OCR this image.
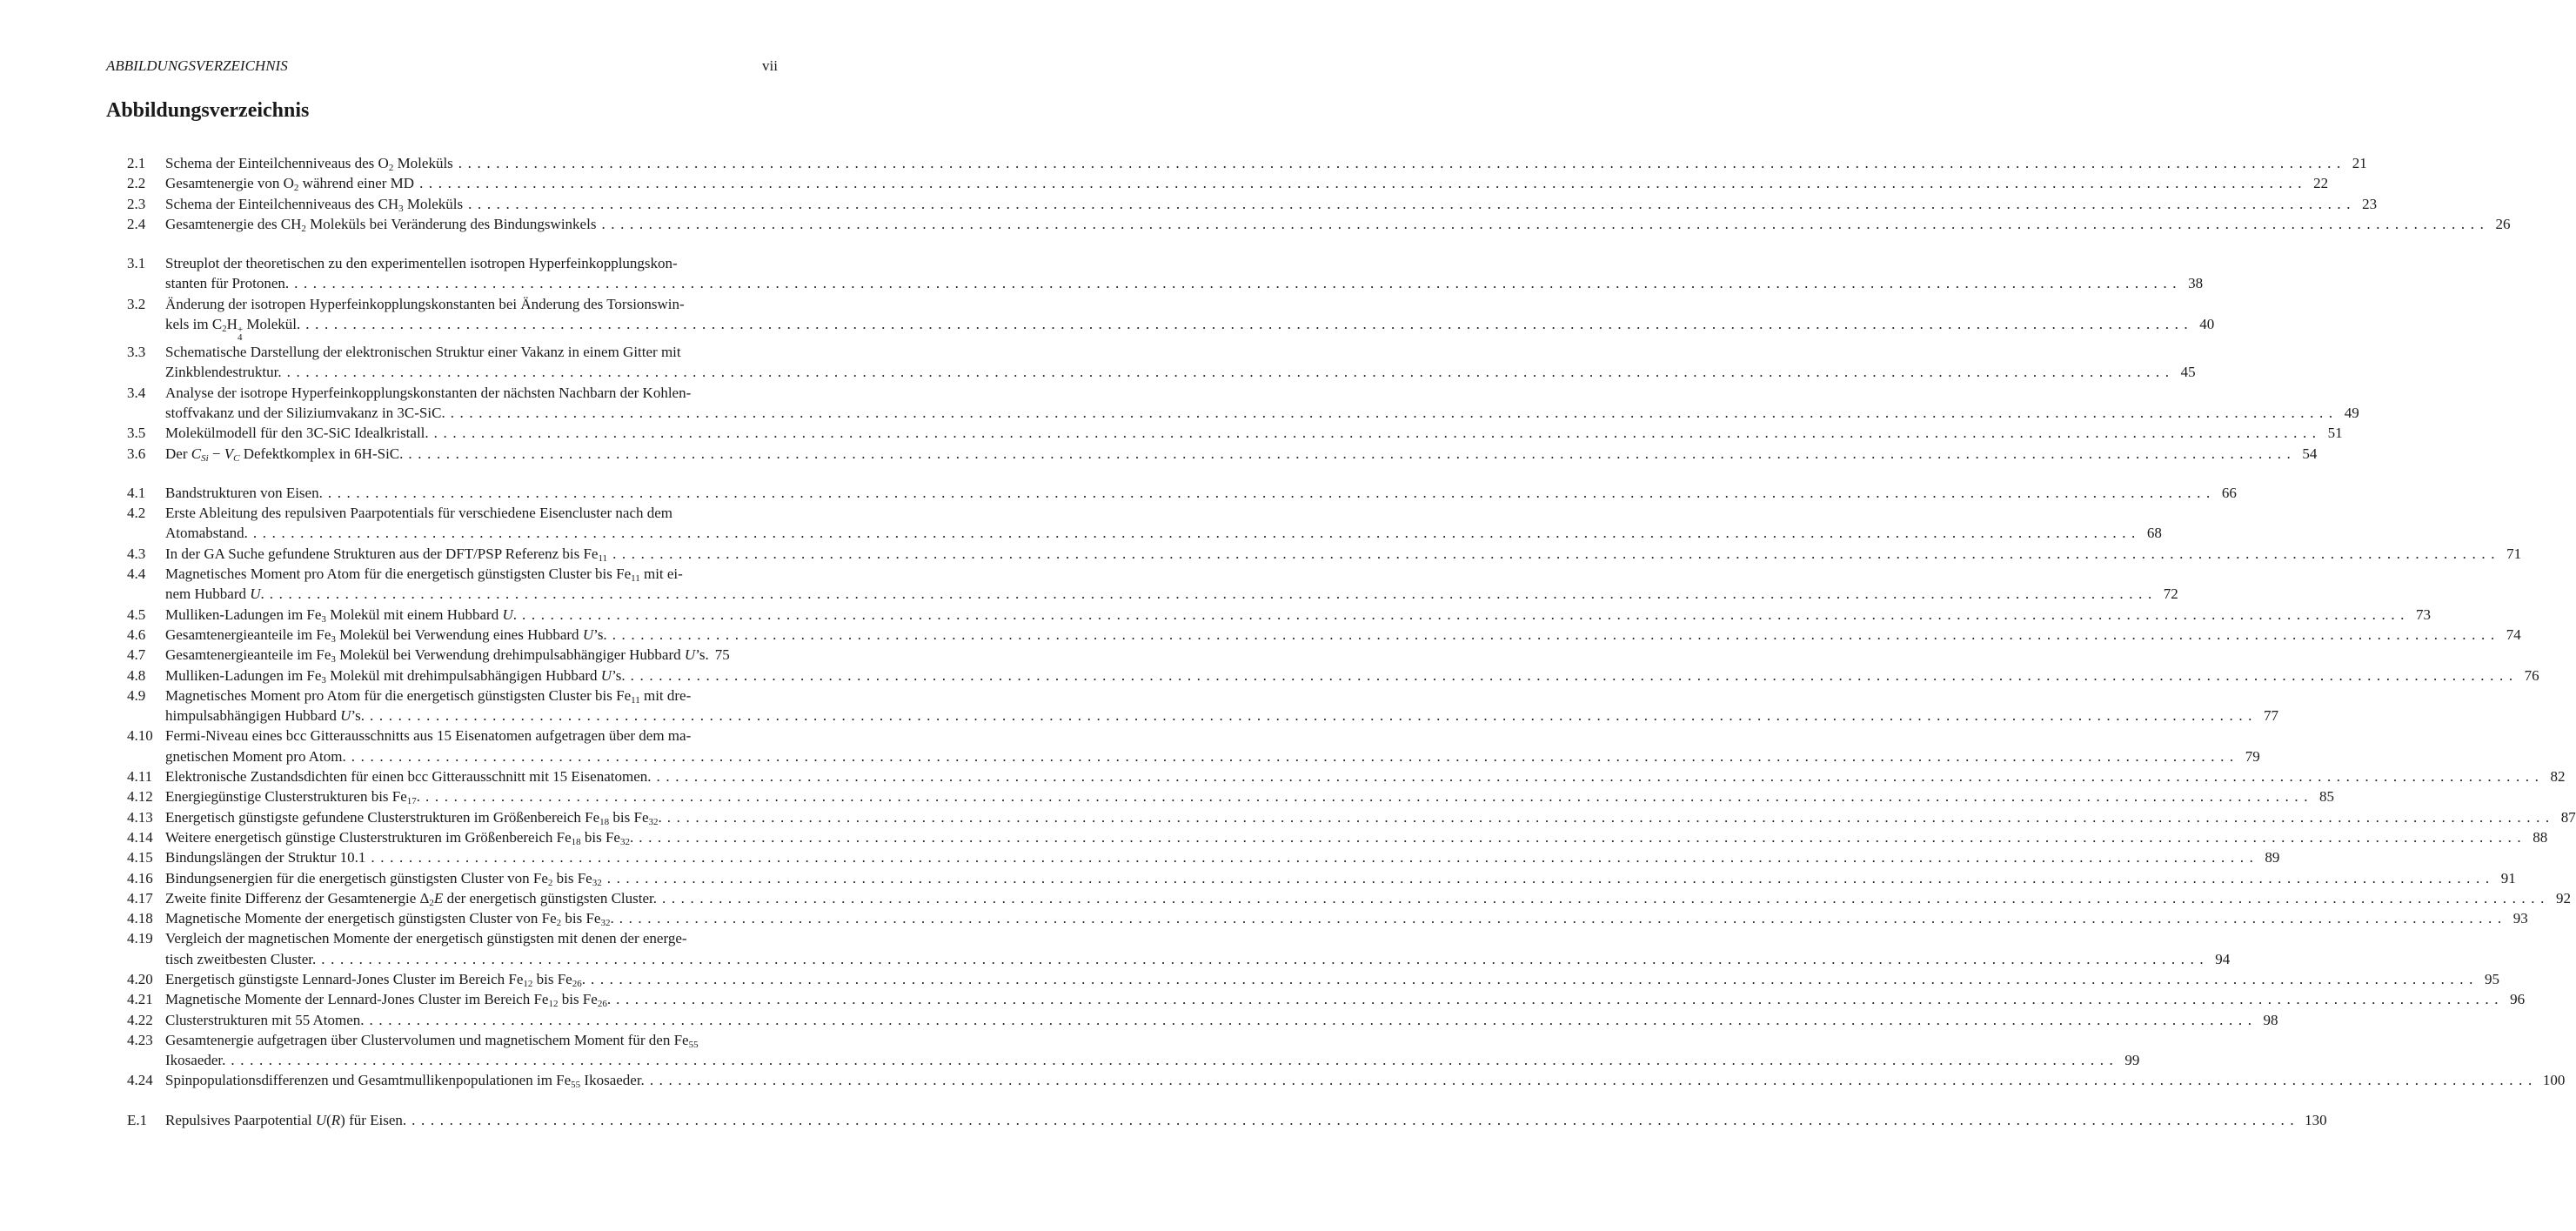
ABBILDUNGSVERZEICHNIS	vii
Abbildungsverzeichnis
2.1	Schema der Einteilchenniveaus des $O_2$ Moleküls ........................................................................................................................................................................................................ 21
2.2	Gesamtenergie von $O_2$ während einer MD ........................................................................................................................................................................................................ 22
2.3	Schema der Einteilchenniveaus des $CH_3$ Moleküls ........................................................................................................................................................................................................ 23
2.4	Gesamtenergie des $CH_2$ Moleküls bei Veränderung des Bindungswinkels ........................................................................................................................................................................................................ 26
3.1	Streuplot der theoretischen zu den experimentellen isotropen Hyperfeinkopplungskon-
stanten für Protonen. ........................................................................................................................................................................................................ 38
3.2	Änderung der isotropen Hyperfeinkopplungskonstanten bei Änderung des Torsionswin-
kels im $C_2H$ +
4
Molekül. ........................................................................................................................................................................................................ 40
3.3	Schematische Darstellung der elektronischen Struktur einer Vakanz in einem Gitter mit
Zinkblendestruktur. ........................................................................................................................................................................................................ 45
3.4	Analyse der isotrope Hyperfeinkopplungskonstanten der nächsten Nachbarn der Kohlen-
stoffvakanz und der Siliziumvakanz in 3C-SiC. ........................................................................................................................................................................................................ 49
3.5	Molekülmodell für den 3C-SiC Idealkristall. ........................................................................................................................................................................................................ 51
3.6	Der $C_{Si} - V_C$ Defektkomplex in 6H-SiC. ........................................................................................................................................................................................................ 54
4.1	Bandstrukturen von Eisen. ........................................................................................................................................................................................................ 66
4.2	Erste Ableitung des repulsiven Paarpotentials für verschiedene Eisencluster nach dem
Atomabstand. ........................................................................................................................................................................................................ 68
4.3	In der GA Suche gefundene Strukturen aus der DFT/PSP Referenz bis $Fe_{11}$ ........................................................................................................................................................................................................ 71
4.4	Magnetisches Moment pro Atom für die energetisch günstigsten Cluster bis $Fe_{11}$ mit ei-
nem Hubbard U. ........................................................................................................................................................................................................ 72
4.5	Mulliken-Ladungen im $Fe_3$ Molekül mit einem Hubbard U. ........................................................................................................................................................................................................ 73
4.6	Gesamtenergieanteile im $Fe_3$ Molekül bei Verwendung eines Hubbard U’s. ........................................................................................................................................................................................................ 74
4.7	Gesamtenergieanteile im $Fe_3$ Molekül bei Verwendung drehimpulsabhängiger Hubbard U’s. 75
4.8	Mulliken-Ladungen im $Fe_3$ Molekül mit drehimpulsabhängigen Hubbard U’s. ........................................................................................................................................................................................................ 76
4.9	Magnetisches Moment pro Atom für die energetisch günstigsten Cluster bis $Fe_{11}$ mit dre-
himpulsabhängigen Hubbard U’s. ........................................................................................................................................................................................................ 77
4.10 Fermi-Niveau eines bcc Gitterausschnitts aus 15 Eisenatomen aufgetragen über dem ma-
gnetischen Moment pro Atom. ........................................................................................................................................................................................................ 79
4.11 Elektronische Zustandsdichten für einen bcc Gitterausschnitt mit 15 Eisenatomen. ........................................................................................................................................................................................................ 82
4.12 Energiegünstige Clusterstrukturen bis $Fe_{17}$. ........................................................................................................................................................................................................ 85
4.13 Energetisch günstigste gefundene Clusterstrukturen im Größenbereich $Fe_{18}$ bis $Fe_{32}$. ........................................................................................................................................................................................................ 87
4.14 Weitere energetisch günstige Clusterstrukturen im Größenbereich $Fe_{18}$ bis $Fe_{32}$. ........................................................................................................................................................................................................ 88
4.15 Bindungslängen der Struktur 10.1 ........................................................................................................................................................................................................ 89
4.16 Bindungsenergien für die energetisch günstigsten Cluster von $Fe_2$ bis $Fe_{32}$ ........................................................................................................................................................................................................ 91
4.17 Zweite finite Differenz der Gesamtenergie $\Delta_2E$ der energetisch günstigsten Cluster. ........................................................................................................................................................................................................ 92
4.18 Magnetische Momente der energetisch günstigsten Cluster von $Fe_2$ bis $Fe_{32}$. ........................................................................................................................................................................................................ 93
4.19 Vergleich der magnetischen Momente der energetisch günstigsten mit denen der energe-
tisch zweitbesten Cluster. ........................................................................................................................................................................................................ 94
4.20 Energetisch günstigste Lennard-Jones Cluster im Bereich $Fe_{12}$ bis $Fe_{26}$. ........................................................................................................................................................................................................ 95
4.21 Magnetische Momente der Lennard-Jones Cluster im Bereich $Fe_{12}$ bis $Fe_{26}$. ........................................................................................................................................................................................................ 96
4.22 Clusterstrukturen mit 55 Atomen. ........................................................................................................................................................................................................ 98
4.23 Gesamtenergie aufgetragen über Clustervolumen und magnetischem Moment für den $Fe_{55}$
Ikosaeder. ........................................................................................................................................................................................................ 99
4.24 Spinpopulationsdifferenzen und Gesamtmullikenpopulationen im $Fe_{55}$ Ikosaeder. ........................................................................................................................................................................................................ 100
E.1	Repulsives Paarpotential U(R) für Eisen. ........................................................................................................................................................................................................ 130
